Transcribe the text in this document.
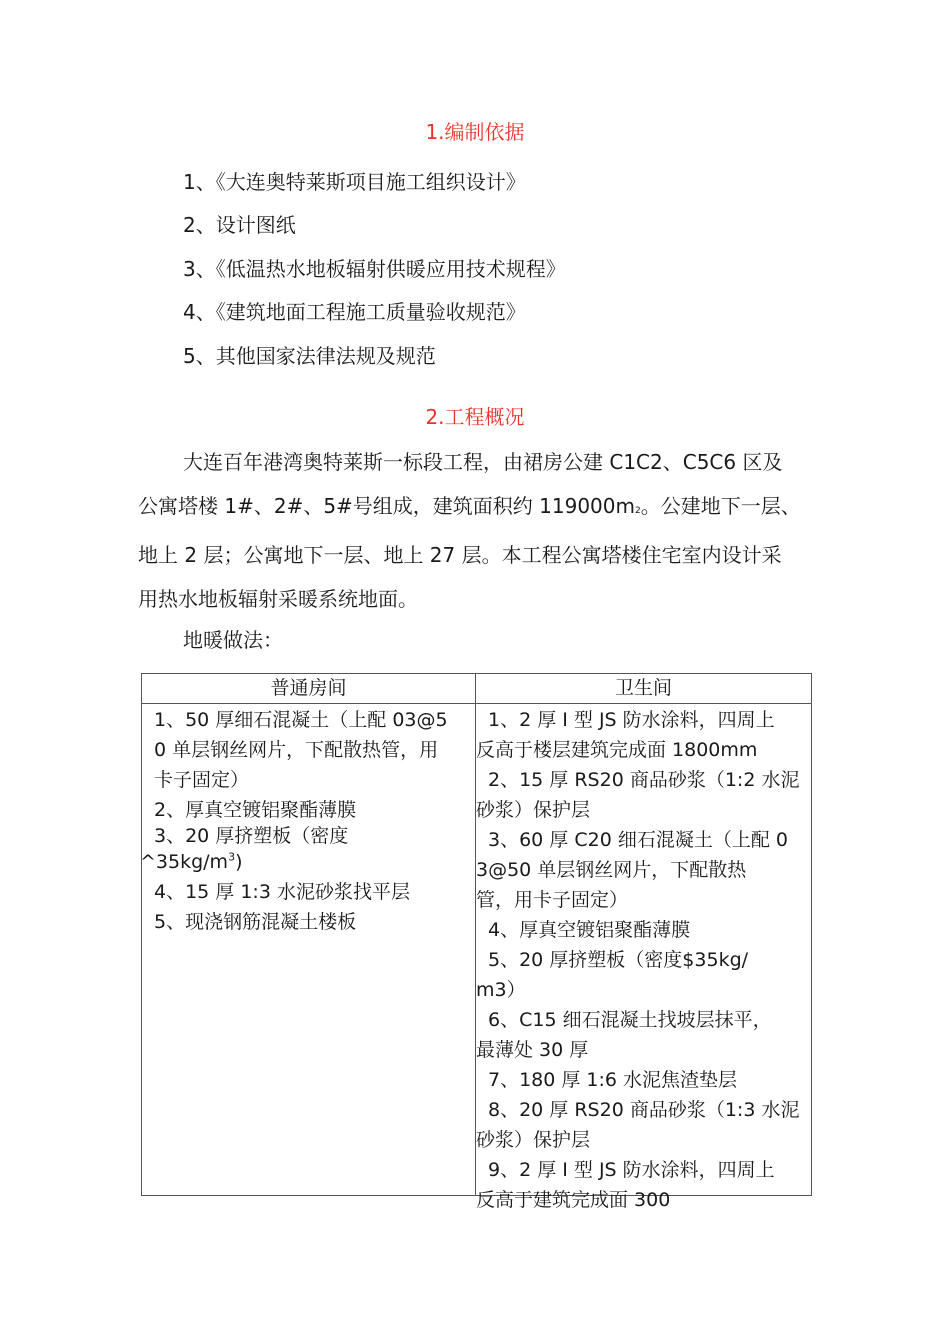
1.编制依据
1、《大连奥特莱斯项目施工组织设计》
2、设计图纸
3、《低温热水地板辐射供暖应用技术规程》
4、《建筑地面工程施工质量验收规范》
5、其他国家法律法规及规范
2.工程概况
大连百年港湾奥特莱斯一标段工程，由裙房公建 C1C2、C5C6 区及
公寓塔楼 1#、2#、5#号组成，建筑面积约 119000m2。公建地下一层、
地上 2 层；公寓地下一层、地上 27 层。本工程公寓塔楼住宅室内设计采
用热水地板辐射采暖系统地面。
地暖做法：
普通房间	卫生间
1、50 厚细石混凝土（上配 03@5
0 单层钢丝网片，下配散热管，用
卡子固定）
2、厚真空镀铝聚酯薄膜
3、20 厚挤塑板（密度
$\^{}35kg/m^3$)
4、15 厚 1:3 水泥砂浆找平层
5、现浇钢筋混凝土楼板
1、2 厚 I 型 JS 防水涂料，四周上
反高于楼层建筑完成面 1800mm
2、15 厚 RS20 商品砂浆（1:2 水泥
砂浆）保护层
3、60 厚 C20 细石混凝土（上配 0
3@50 单层钢丝网片，下配散热
管，用卡子固定）
4、厚真空镀铝聚酯薄膜
5、20 厚挤塑板（密度$35kg/
m3）
6、C15 细石混凝土找坡层抹平，
最薄处 30 厚
7、180 厚 1:6 水泥焦渣垫层
8、20 厚 RS20 商品砂浆（1:3 水泥
砂浆）保护层
9、2 厚 I 型 JS 防水涂料，四周上
反高于建筑完成面 300
